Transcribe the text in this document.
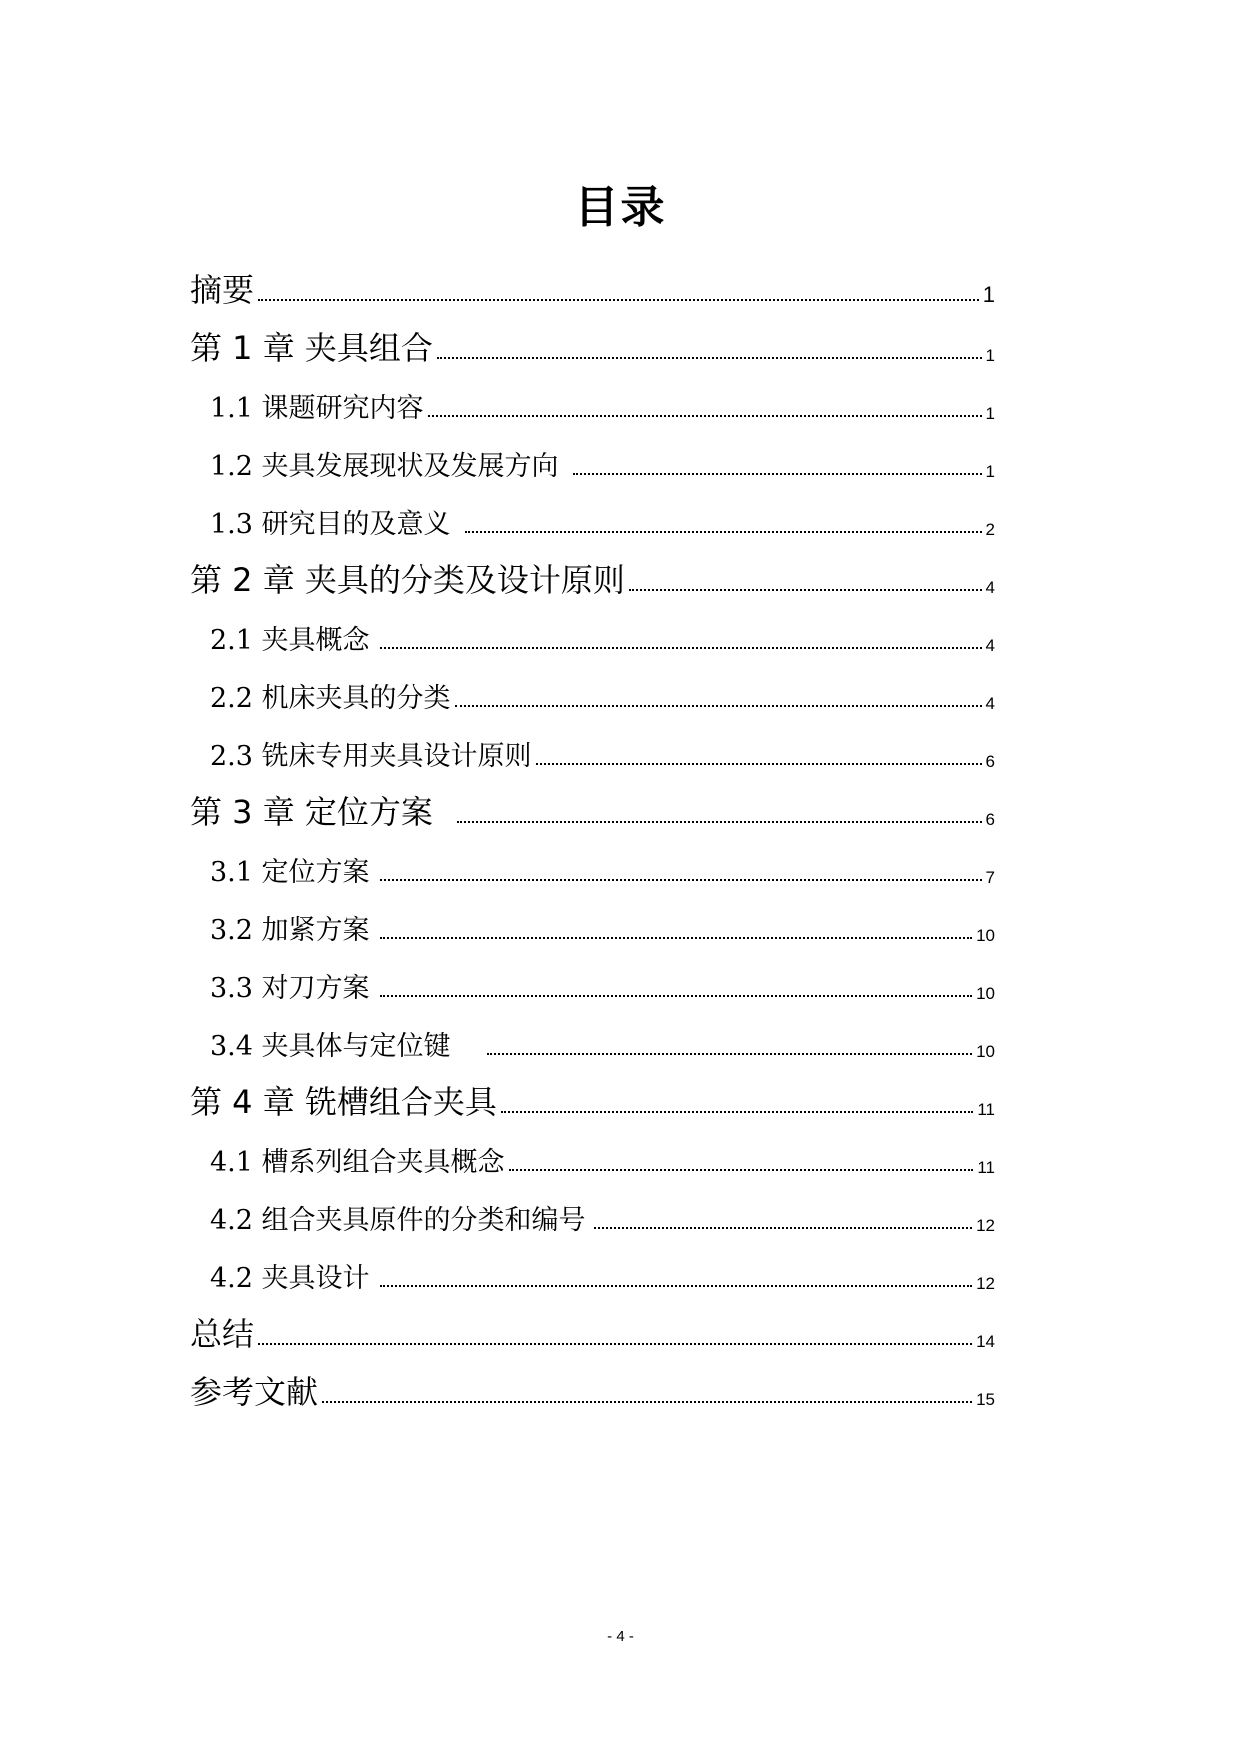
目录
摘要	1
第 1 章 夹具组合	1
1.1 课题研究内容	1
1.2 夹具发展现状及发展方向	1
1.3 研究目的及意义	2
第 2 章 夹具的分类及设计原则	4
2.1 夹具概念	4
2.2 机床夹具的分类	4
2.3 铣床专用夹具设计原则	6
第 3 章 定位方案	6
3.1 定位方案	7
3.2 加紧方案	10
3.3 对刀方案	10
3.4 夹具体与定位键	10
第 4 章 铣槽组合夹具	11
4.1 槽系列组合夹具概念	11
4.2 组合夹具原件的分类和编号	12
4.2 夹具设计	12
总结	14
参考文献	15
- 4 -
